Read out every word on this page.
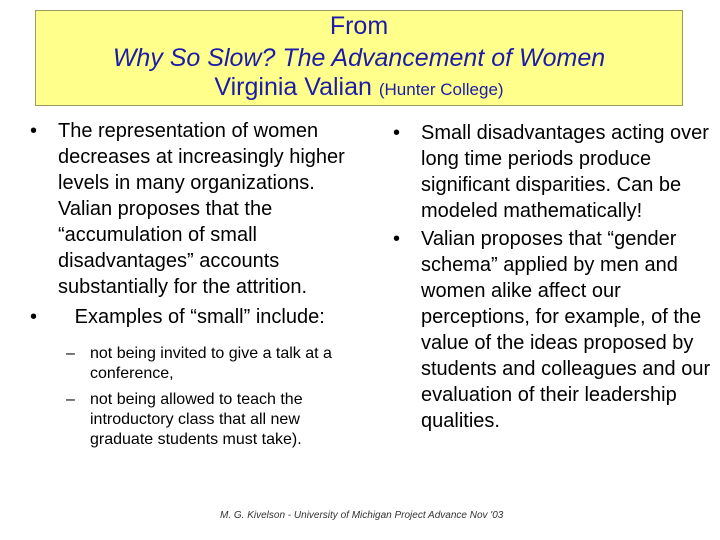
From
Why So Slow? The Advancement of Women
Virginia Valian (Hunter College)
• The representation of women decreases at increasingly higher levels in many organizations. Valian proposes that the “accumulation of small disadvantages” accounts substantially for the attrition.
• Examples of “small” include:
– not being invited to give a talk at a conference,
– not being allowed to teach the introductory class that all new graduate students must take).
• Small disadvantages acting over long time periods produce significant disparities. Can be modeled mathematically!
• Valian proposes that “gender schema” applied by men and women alike affect our perceptions, for example, of the value of the ideas proposed by students and colleagues and our evaluation of their leadership qualities.
M. G. Kivelson - University of Michigan Project Advance Nov '03
